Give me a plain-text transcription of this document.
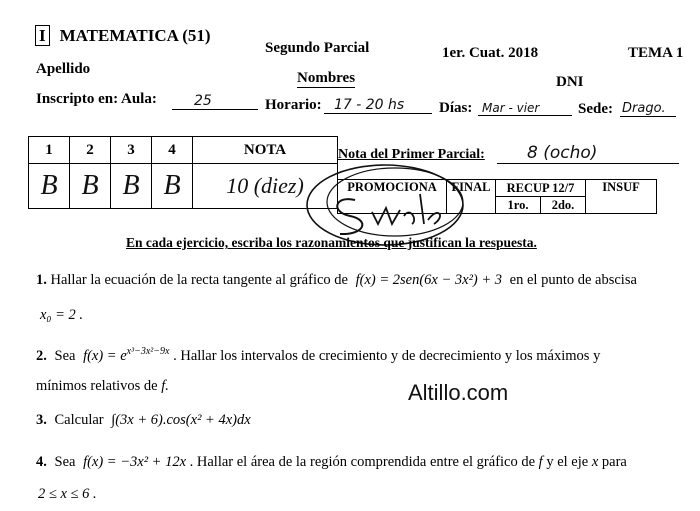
I MATEMATICA (51)
Segundo Parcial	1er. Cuat. 2018	TEMA 1
Apellido
Nombres	DNI
Inscripto en: Aula:	25	Horario: 17 - 20 hs	Días: Mar - vier	Sede: Drago.
1	2	3	4	NOTA
B	B	B	B	10 (diez)
Nota del Primer Parcial:	8 (ocho)
PROMOCIONA	FINAL	RECUP 12/7		INSUF
		1ro.	2do.	
En cada ejercicio, escriba los razonamientos que justifican la respuesta.
1. Hallar la ecuación de la recta tangente al gráfico de f(x) = 2sen(6x − 3x²) + 3 en el punto de abscisa
x₀ = 2 .
2. Sea $f(x) = e^{x^3-3x^2-9x}$ . Hallar los intervalos de crecimiento y de decrecimiento y los máximos y
mínimos relativos de f.	Altillo.com
3. Calcular ∫(3x + 6).cos(x² + 4x)dx
4. Sea f(x) = −3x² + 12x . Hallar el área de la región comprendida entre el gráfico de f y el eje x para
2 ≤ x ≤ 6 .
